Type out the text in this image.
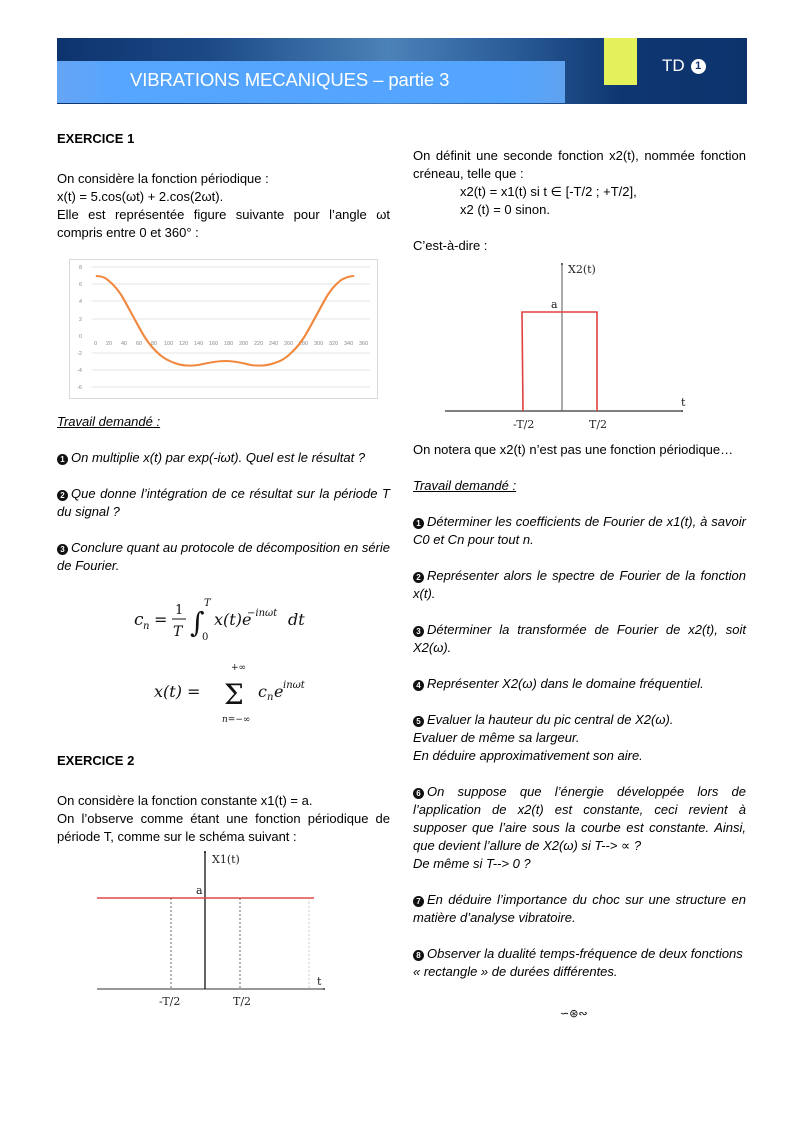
VIBRATIONS MECANIQUES – partie 3
TD 1

EXERCICE 1

On considère la fonction périodique :

x(t) = 5.cos(ωt) + 2.cos(2ωt).

Elle est représentée figure suivante pour l’angle ωt compris entre 0 et 360° :

8
6
4
2
0
-2
-4
-6
0 20 40 60 80 100 120 140 160 180 200 220 240 260 280 300 320 340 360

Travail demandé :

1 On multiplie x(t) par exp(-iωt). Quel est le résultat ?

2 Que donne l’intégration de ce résultat sur la période T du signal ?

3 Conclure quant au protocole de décomposition en série de Fourier.

c n = 1
T ∫
T
0
x(t)e
−inωt dt
x(t) =
+∞
Σ
n=−∞
c n e inωt

EXERCICE 2

On considère la fonction constante x1(t) = a.

On l’observe comme étant une fonction périodique de période T, comme sur le schéma suivant :

X1(t)
a
t
-T/2	T/2

On définit une seconde fonction x2(t), nommée fonction créneau, telle que :

x2(t) = x1(t) si t ∈ [-T/2 ; +T/2],

x2 (t) = 0 sinon.

C’est-à-dire :

X2(t)
a
t
-T/2	T/2

On notera que x2(t) n’est pas une fonction périodique…

Travail demandé :

1 Déterminer les coefficients de Fourier de x1(t), à savoir C0 et Cn pour tout n.

2 Représenter alors le spectre de Fourier de la fonction x(t).

3 Déterminer la transformée de Fourier de x2(t), soit X2(ω).

4 Représenter X2(ω) dans le domaine fréquentiel.

5 Evaluer la hauteur du pic central de X2(ω).

Evaluer de même sa largeur.

En déduire approximativement son aire.

6 On suppose que l’énergie développée lors de l’application de x2(t) est constante, ceci revient à supposer que l’aire sous la courbe est constante. Ainsi, que devient l’allure de X2(ω) si T--> ∝ ?

De même si T--> 0 ?

7 En déduire l’importance du choc sur une structure en matière d’analyse vibratoire.

8 Observer la dualité temps-fréquence de deux fonctions « rectangle » de durées différentes.

∽⊛∾
